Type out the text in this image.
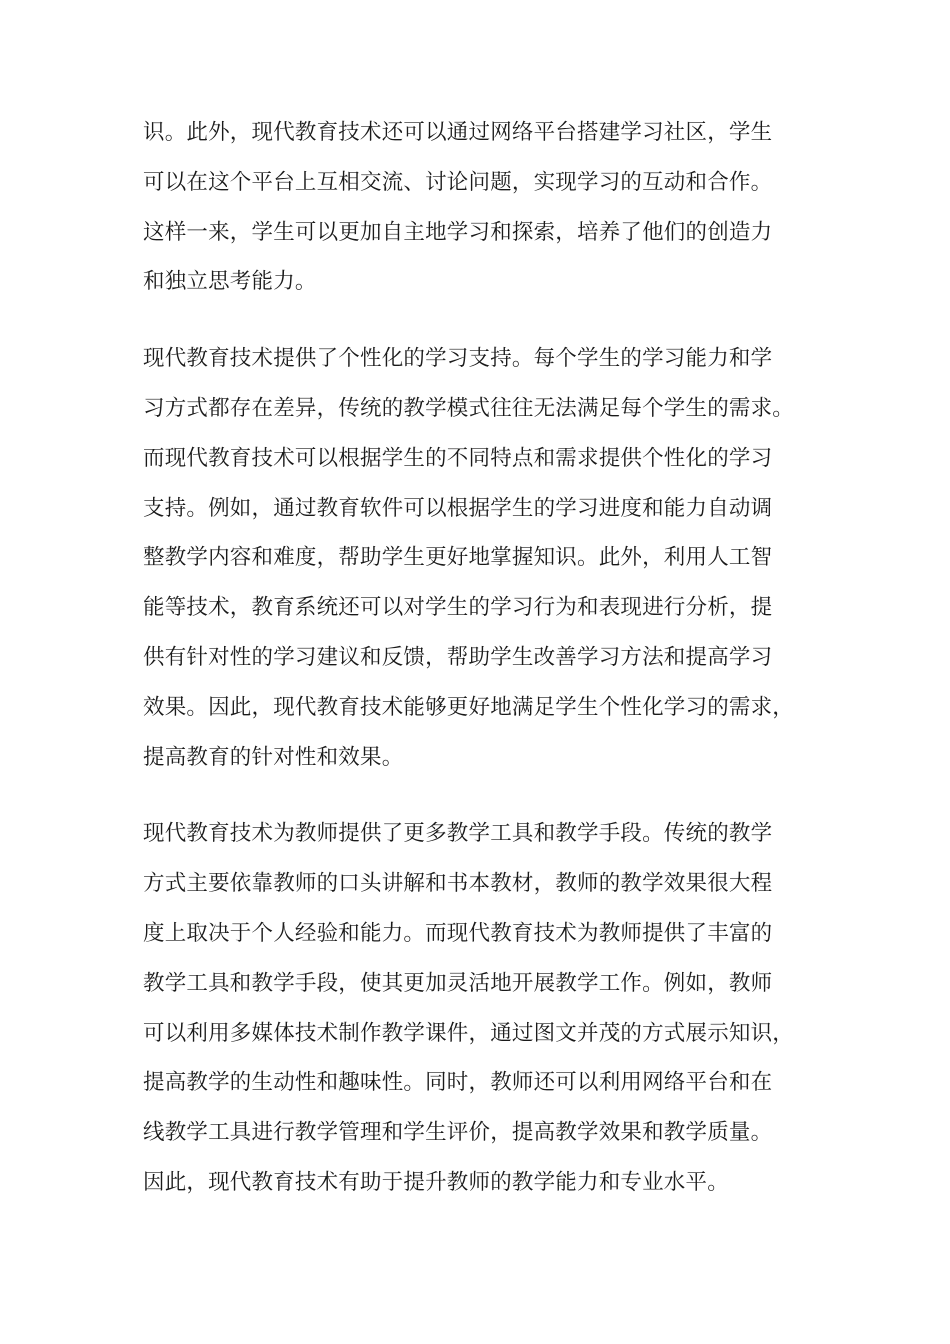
识。此外，现代教育技术还可以通过网络平台搭建学习社区，学生
可以在这个平台上互相交流、讨论问题，实现学习的互动和合作。
这样一来，学生可以更加自主地学习和探索，培养了他们的创造力
和独立思考能力。
现代教育技术提供了个性化的学习支持。每个学生的学习能力和学
习方式都存在差异，传统的教学模式往往无法满足每个学生的需求。
而现代教育技术可以根据学生的不同特点和需求提供个性化的学习
支持。例如，通过教育软件可以根据学生的学习进度和能力自动调
整教学内容和难度，帮助学生更好地掌握知识。此外，利用人工智
能等技术，教育系统还可以对学生的学习行为和表现进行分析，提
供有针对性的学习建议和反馈，帮助学生改善学习方法和提高学习
效果。因此，现代教育技术能够更好地满足学生个性化学习的需求，
提高教育的针对性和效果。
现代教育技术为教师提供了更多教学工具和教学手段。传统的教学
方式主要依靠教师的口头讲解和书本教材，教师的教学效果很大程
度上取决于个人经验和能力。而现代教育技术为教师提供了丰富的
教学工具和教学手段，使其更加灵活地开展教学工作。例如，教师
可以利用多媒体技术制作教学课件，通过图文并茂的方式展示知识，
提高教学的生动性和趣味性。同时，教师还可以利用网络平台和在
线教学工具进行教学管理和学生评价，提高教学效果和教学质量。
因此，现代教育技术有助于提升教师的教学能力和专业水平。
